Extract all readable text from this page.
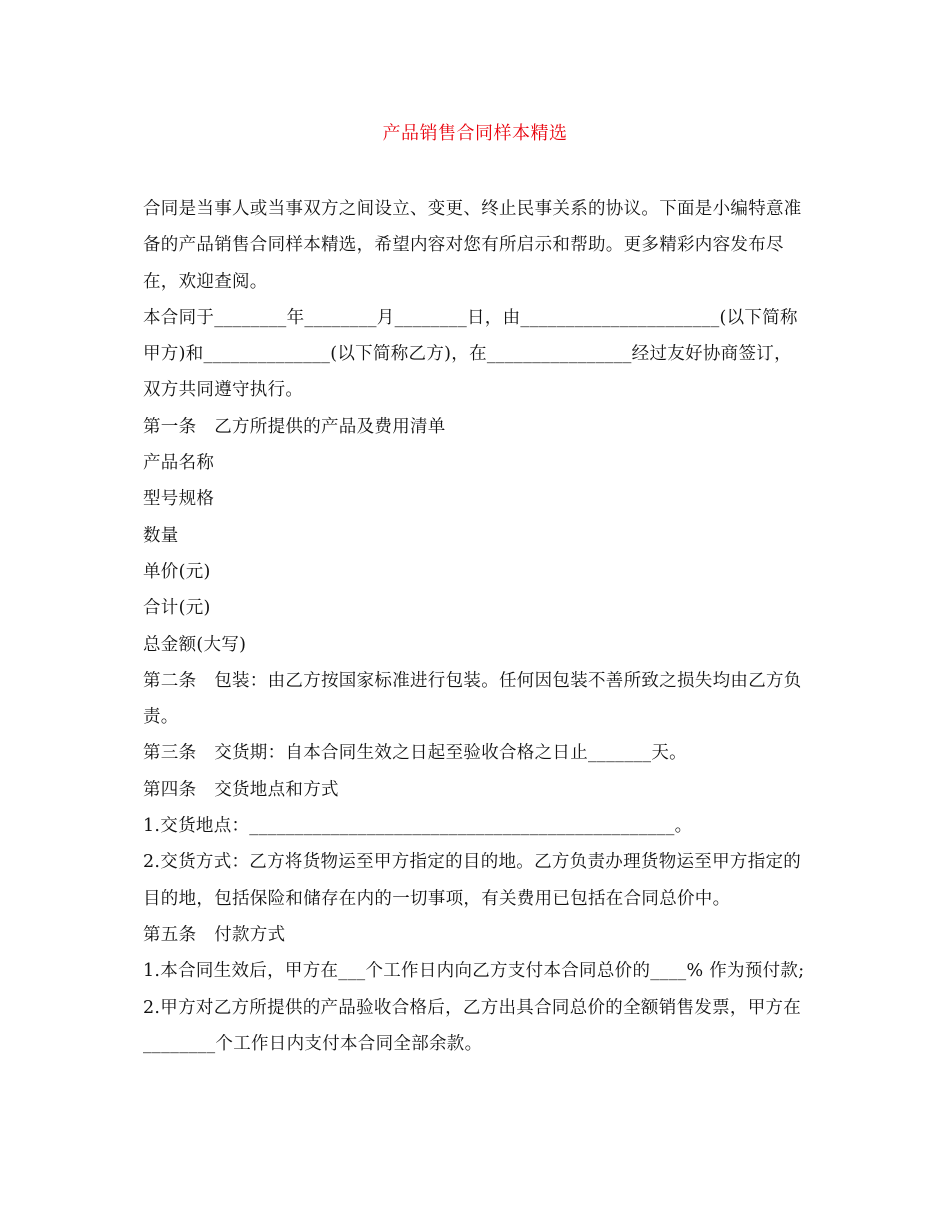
产品销售合同样本精选

合同是当事人或当事双方之间设立、变更、终止民事关系的协议。下面是小编特意准备的产品销售合同样本精选，希望内容对您有所启示和帮助。更多精彩内容发布尽在，欢迎查阅。

本合同于________年________月________日，由______________________(以下简称甲方)和______________(以下简称乙方)，在________________经过友好协商签订，双方共同遵守执行。

第一条　乙方所提供的产品及费用清单

产品名称

型号规格

数量

单价(元)

合计(元)

总金额(大写)

第二条　包装：由乙方按国家标准进行包装。任何因包装不善所致之损失均由乙方负责。

第三条　交货期：自本合同生效之日起至验收合格之日止_______天。

第四条　交货地点和方式

1.交货地点：_______________________________________________。

2.交货方式：乙方将货物运至甲方指定的目的地。乙方负责办理货物运至甲方指定的目的地，包括保险和储存在内的一切事项，有关费用已包括在合同总价中。

第五条　付款方式

1.本合同生效后，甲方在___个工作日内向乙方支付本合同总价的____% 作为预付款;

2.甲方对乙方所提供的产品验收合格后，乙方出具合同总价的全额销售发票，甲方在________个工作日内支付本合同全部余款。
